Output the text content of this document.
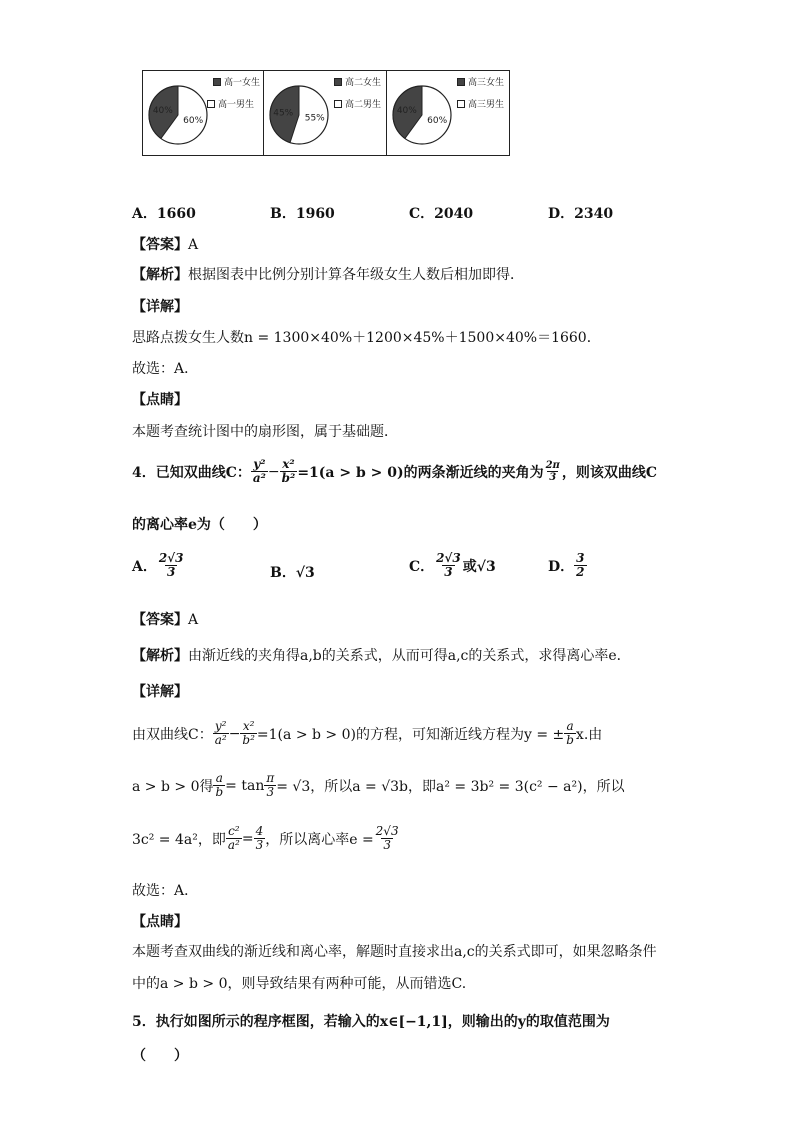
40%
60%
高一女生
高一男生
45% 55%
高二女生
高二男生
40%
60%
高三女生
高三男生
A．1660	B．1960	C．2040	D．2340
【答案】A
【解析】根据图表中比例分别计算各年级女生人数后相加即得．
【详解】
思路点拨女生人数n = 1300×40%＋1200×45%＋1500×40%＝1660．
故选：A．
【点睛】
本题考查统计图中的扇形图，属于基础题．
4．已知双曲线C： $\frac{\text{y²}}{\text{a²}} - \frac{\text{x²}}{\text{b²}} =1(a > b > 0)$的两条渐近线的夹角为 $\frac{2\pi}{3}$ ，则该双曲线C
的离心率e为（　　）
A． $\frac{2√3}{3}$	B．√3	C． $\frac{2√3}{3}$ 或√3	D． $\frac{3}{2}$
【答案】A
【解析】由渐近线的夹角得a,b的关系式，从而可得a,c的关系式，求得离心率e．
【详解】
由双曲线C： $\frac{\text{y²}}{\text{a²}} - \frac{\text{x²}}{\text{b²}} =1(a > b > 0)$的方程，可知渐近线方程为y = ± $\frac{a}{b} x$.由
a > b > 0得 $\frac{a}{b} = \tan \frac{\pi}{3} = √3$，所以a = √3b，即a² = 3b² = 3(c² − a²)，所以
3c² = 4a²，即 $\frac{\text{c²}}{\text{a²}} = \frac{4}{3}$ ，所以离心率$e = \frac{2√3}{3}$
故选：A．
【点睛】
本题考查双曲线的渐近线和离心率，解题时直接求出a,c的关系式即可，如果忽略条件
中的a > b > 0，则导致结果有两种可能，从而错选C.
5．执行如图所示的程序框图，若输入的x∈[−1,1]，则输出的y的取值范围为
（　　）
